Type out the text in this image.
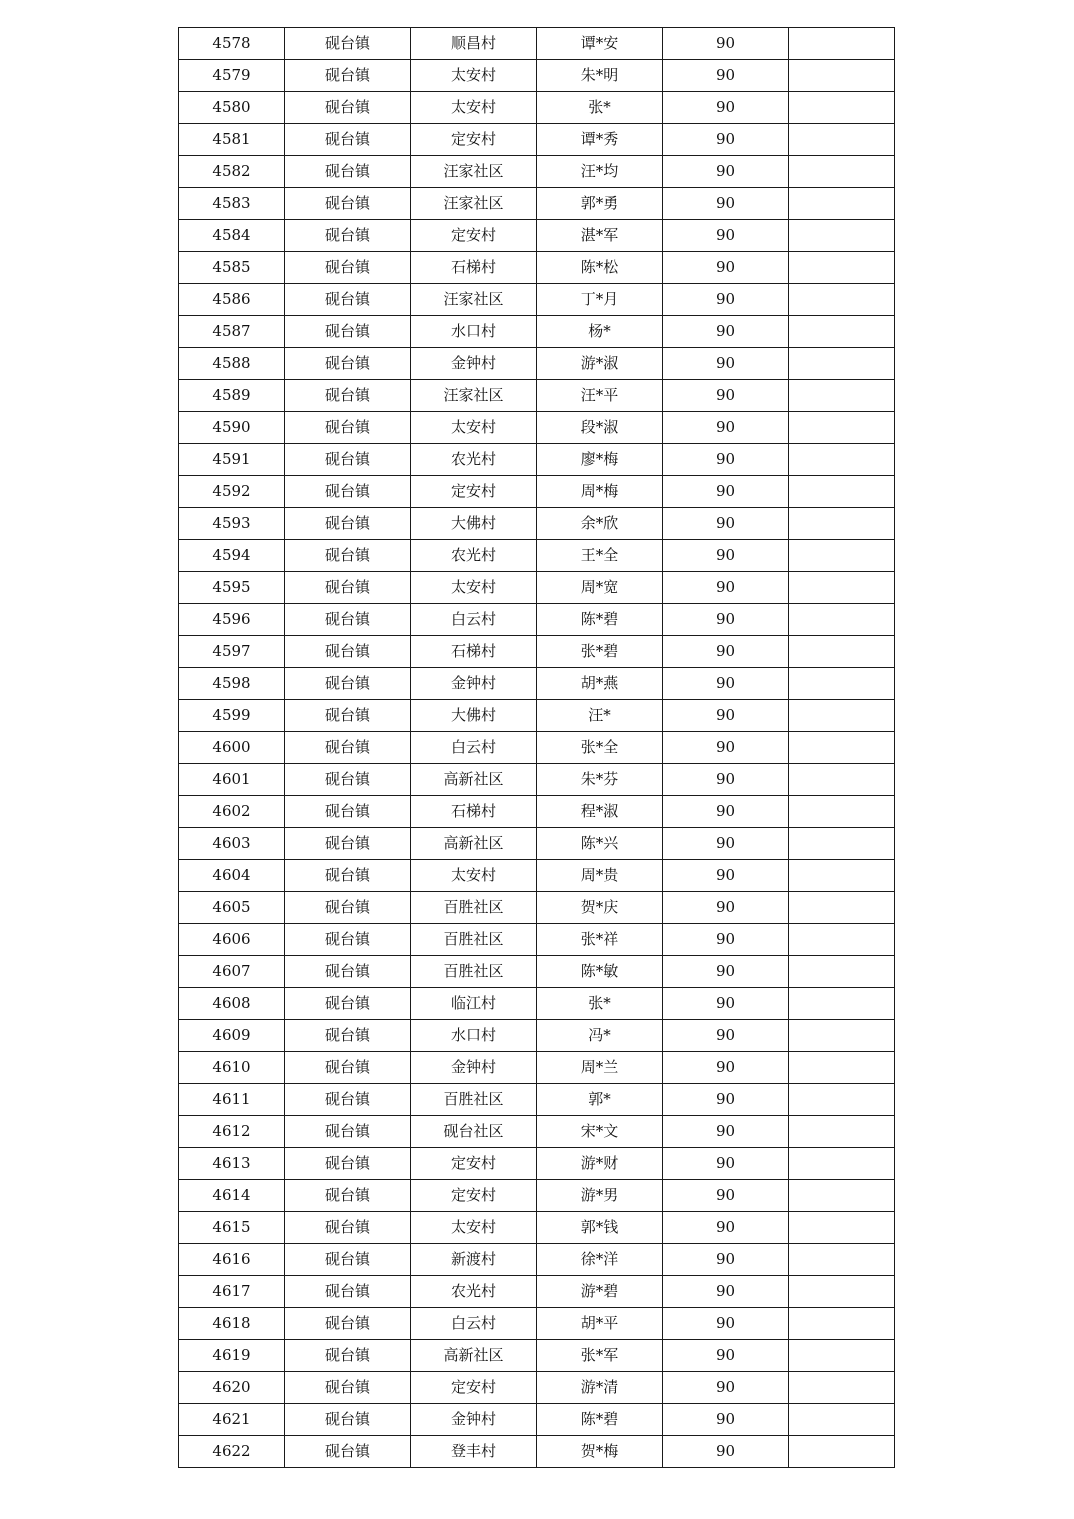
4578	砚台镇	顺昌村	谭*安	90	
4579	砚台镇	太安村	朱*明	90	
4580	砚台镇	太安村	张*	90	
4581	砚台镇	定安村	谭*秀	90	
4582	砚台镇	汪家社区	汪*均	90	
4583	砚台镇	汪家社区	郭*勇	90	
4584	砚台镇	定安村	湛*军	90	
4585	砚台镇	石梯村	陈*松	90	
4586	砚台镇	汪家社区	丁*月	90	
4587	砚台镇	水口村	杨*	90	
4588	砚台镇	金钟村	游*淑	90	
4589	砚台镇	汪家社区	汪*平	90	
4590	砚台镇	太安村	段*淑	90	
4591	砚台镇	农光村	廖*梅	90	
4592	砚台镇	定安村	周*梅	90	
4593	砚台镇	大佛村	余*欣	90	
4594	砚台镇	农光村	王*全	90	
4595	砚台镇	太安村	周*宽	90	
4596	砚台镇	白云村	陈*碧	90	
4597	砚台镇	石梯村	张*碧	90	
4598	砚台镇	金钟村	胡*燕	90	
4599	砚台镇	大佛村	汪*	90	
4600	砚台镇	白云村	张*全	90	
4601	砚台镇	高新社区	朱*芬	90	
4602	砚台镇	石梯村	程*淑	90	
4603	砚台镇	高新社区	陈*兴	90	
4604	砚台镇	太安村	周*贵	90	
4605	砚台镇	百胜社区	贺*庆	90	
4606	砚台镇	百胜社区	张*祥	90	
4607	砚台镇	百胜社区	陈*敏	90	
4608	砚台镇	临江村	张*	90	
4609	砚台镇	水口村	冯*	90	
4610	砚台镇	金钟村	周*兰	90	
4611	砚台镇	百胜社区	郭*	90	
4612	砚台镇	砚台社区	宋*文	90	
4613	砚台镇	定安村	游*财	90	
4614	砚台镇	定安村	游*男	90	
4615	砚台镇	太安村	郭*钱	90	
4616	砚台镇	新渡村	徐*洋	90	
4617	砚台镇	农光村	游*碧	90	
4618	砚台镇	白云村	胡*平	90	
4619	砚台镇	高新社区	张*军	90	
4620	砚台镇	定安村	游*清	90	
4621	砚台镇	金钟村	陈*碧	90	
4622	砚台镇	登丰村	贺*梅	90	
